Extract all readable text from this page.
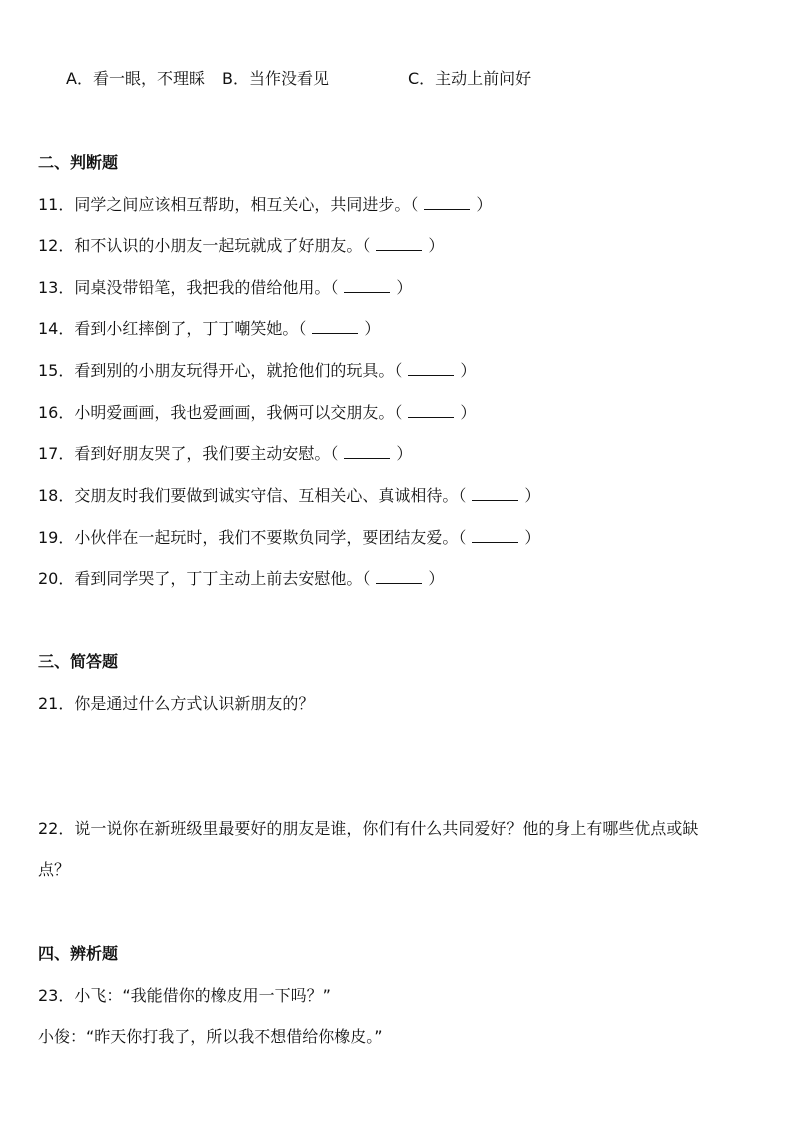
A．看一眼，不理睬 B．当作没看见	C．主动上前问好
二、判断题
11．同学之间应该相互帮助，相互关心，共同进步。（	）
12．和不认识的小朋友一起玩就成了好朋友。（	）
13．同桌没带铅笔，我把我的借给他用。（	）
14．看到小红摔倒了，丁丁嘲笑她。（	）
15．看到别的小朋友玩得开心，就抢他们的玩具。（	）
16．小明爱画画，我也爱画画，我俩可以交朋友。（	）
17．看到好朋友哭了，我们要主动安慰。（	）
18．交朋友时我们要做到诚实守信、互相关心、真诚相待。（	）
19．小伙伴在一起玩时，我们不要欺负同学，要团结友爱。（	）
20．看到同学哭了，丁丁主动上前去安慰他。（	）
三、简答题
21．你是通过什么方式认识新朋友的？
22．说一说你在新班级里最要好的朋友是谁，你们有什么共同爱好？他的身上有哪些优点或缺
点？
四、辨析题
23．小飞：“我能借你的橡皮用一下吗？”
小俊：“昨天你打我了，所以我不想借给你橡皮。”
